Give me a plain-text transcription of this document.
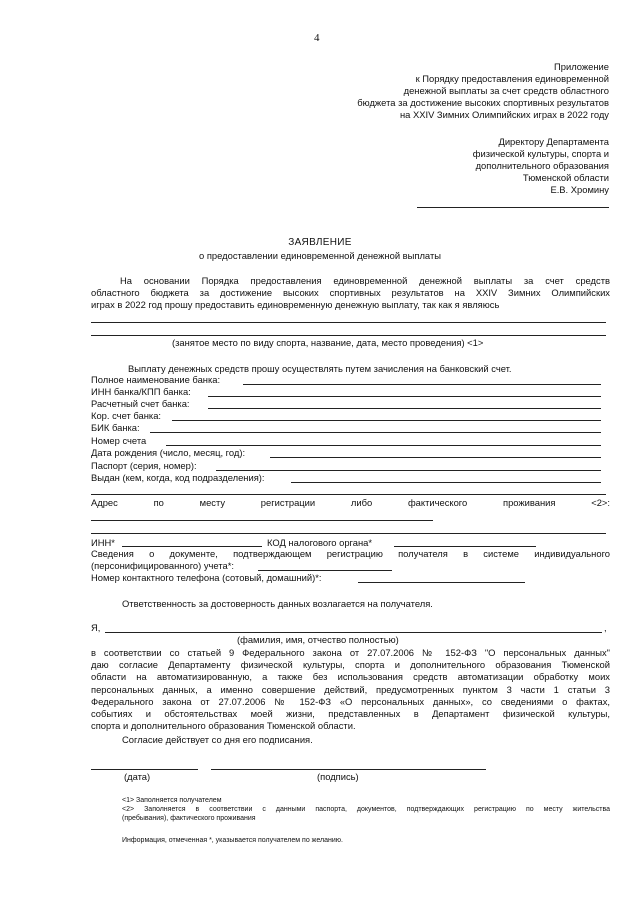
4
Приложение
к Порядку предоставления единовременной
денежной выплаты за счет средств областного
бюджета за достижение высоких спортивных результатов
на XXIV Зимних Олимпийских играх в 2022 году
Директору Департамента
физической культуры, спорта и
дополнительного образования
Тюменской области
Е.В. Хромину
ЗАЯВЛЕНИЕ
о предоставлении единовременной денежной выплаты
На основании Порядка предоставления единовременной денежной выплаты за счет средств
областного бюджета за достижение высоких спортивных результатов на XXIV Зимних Олимпийских
играх в 2022 год прошу предоставить единовременную денежную выплату, так как я являюсь
(занятое место по виду спорта, название, дата, место проведения) <1>
Выплату денежных средств прошу осуществлять путем зачисления на банковский счет.
Полное наименование банка:
ИНН банка/КПП банка:
Расчетный счет банка:
Кор. счет банка:
БИК банка:
Номер счета
Дата рождения (число, месяц, год):
Паспорт (серия, номер):
Выдан (кем, когда, код подразделения):
Адрес по месту регистрации либо фактического проживания <2>:
ИНН*	КОД налогового органа*
Сведения о документе, подтверждающем регистрацию получателя в системе индивидуального
(персонифицированного) учета*:
Номер контактного телефона (сотовый, домашний)*:
Ответственность за достоверность данных возлагается на получателя.
Я,	,
(фамилия, имя, отчество полностью)
в соответствии со статьей 9 Федерального закона от 27.07.2006 № 152-ФЗ "О персональных данных"
даю согласие Департаменту физической культуры, спорта и дополнительного образования Тюменской
области на автоматизированную, а также без использования средств автоматизации обработку моих
персональных данных, а именно совершение действий, предусмотренных пунктом 3 части 1 статьи 3
Федерального закона от 27.07.2006 № 152-ФЗ «О персональных данных», со сведениями о фактах,
событиях и обстоятельствах моей жизни, представленных в Департамент физической культуры,
спорта и дополнительного образования Тюменской области.
Согласие действует со дня его подписания.
(дата)	(подпись)
<1> Заполняется получателем
<2> Заполняется в соответствии с данными паспорта, документов, подтверждающих регистрацию по месту жительства
(пребывания), фактического проживания
Информация, отмеченная *, указывается получателем по желанию.
